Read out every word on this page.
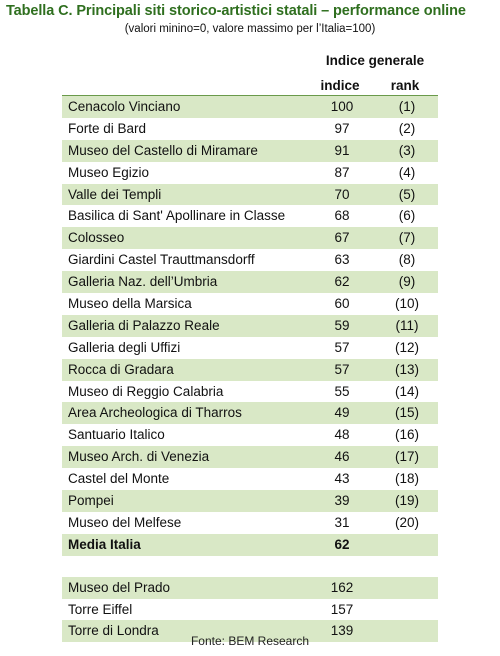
Tabella C. Principali siti storico-artistici statali – performance online
(valori minino=0, valore massimo per l’Italia=100)
Indice generale
indice	rank
Cenacolo Vinciano	100	(1)
Forte di Bard	97	(2)
Museo del Castello di Miramare	91	(3)
Museo Egizio	87	(4)
Valle dei Templi	70	(5)
Basilica di Sant' Apollinare in Classe	68	(6)
Colosseo	67	(7)
Giardini Castel Trauttmansdorff	63	(8)
Galleria Naz. dell’Umbria	62	(9)
Museo della Marsica	60	(10)
Galleria di Palazzo Reale	59	(11)
Galleria degli Uffizi	57	(12)
Rocca di Gradara	57	(13)
Museo di Reggio Calabria	55	(14)
Area Archeologica di Tharros	49	(15)
Santuario Italico	48	(16)
Museo Arch. di Venezia	46	(17)
Castel del Monte	43	(18)
Pompei	39	(19)
Museo del Melfese	31	(20)
Media Italia	62
Museo del Prado	162
Torre Eiffel	157
Torre di Londra	139
Fonte: BEM Research
